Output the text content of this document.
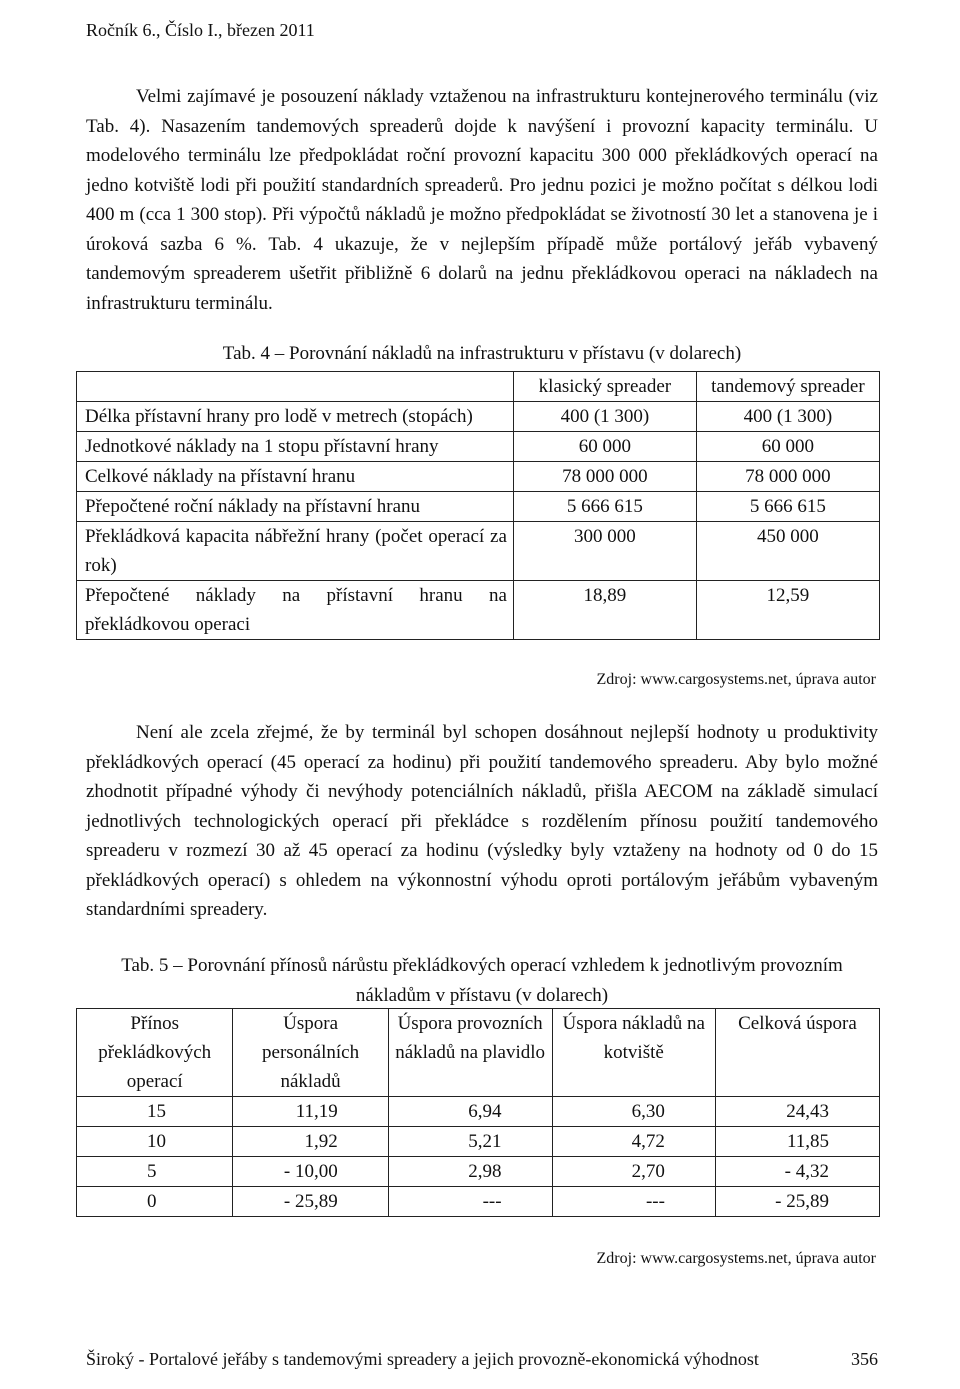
Ročník 6., Číslo I., březen 2011
Velmi zajímavé je posouzení náklady vztaženou na infrastrukturu kontejnerového terminálu (viz Tab. 4). Nasazením tandemových spreaderů dojde k navýšení i provozní kapacity terminálu. U modelového terminálu lze předpokládat roční provozní kapacitu 300 000 překládkových operací na jedno kotviště lodi při použití standardních spreaderů. Pro jednu pozici je možno počítat s délkou lodi 400 m (cca 1 300 stop). Při výpočtů nákladů je možno předpokládat se životností 30 let a stanovena je i úroková sazba 6 %. Tab. 4 ukazuje, že v nejlepším případě může portálový jeřáb vybavený tandemovým spreaderem ušetřit přibližně 6 dolarů na jednu překládkovou operaci na nákladech na infrastrukturu terminálu.
Tab. 4 – Porovnání nákladů na infrastrukturu v přístavu (v dolarech)
	klasický spreader	tandemový spreader
Délka přístavní hrany pro lodě v metrech (stopách)	400 (1 300)	400 (1 300)
Jednotkové náklady na 1 stopu přístavní hrany	60 000	60 000
Celkové náklady na přístavní hranu	78 000 000	78 000 000
Přepočtené roční náklady na přístavní hranu	5 666 615	5 666 615
Překládková kapacita nábřežní hrany (počet operací za rok)	300 000	450 000
Přepočtené náklady na přístavní hranu na překládkovou operaci	18,89	12,59
Zdroj: www.cargosystems.net, úprava autor
Není ale zcela zřejmé, že by terminál byl schopen dosáhnout nejlepší hodnoty u produktivity překládkových operací (45 operací za hodinu) při použití tandemového spreaderu. Aby bylo možné zhodnotit případné výhody či nevýhody potenciálních nákladů, přišla AECOM na základě simulací jednotlivých technologických operací při překládce s rozdělením přínosu použití tandemového spreaderu v rozmezí 30 až 45 operací za hodinu (výsledky byly vztaženy na hodnoty od 0 do 15 překládkových operací) s ohledem na výkonnostní výhodu oproti portálovým jeřábům vybaveným standardními spreadery.
Tab. 5 – Porovnání přínosů nárůstu překládkových operací vzhledem k jednotlivým provozním nákladům v přístavu (v dolarech)
Přínos překládkových operací	Úspora personálních nákladů	Úspora provozních nákladů na plavidlo	Úspora nákladů na kotviště	Celková úspora
15	11,19	6,94	6,30	24,43
10	1,92	5,21	4,72	11,85
5	- 10,00	2,98	2,70	- 4,32
0	- 25,89	---	---	- 25,89
Zdroj: www.cargosystems.net, úprava autor
Široký - Portalové jeřáby s tandemovými spreadery a jejich provozně-ekonomická výhodnost	356
